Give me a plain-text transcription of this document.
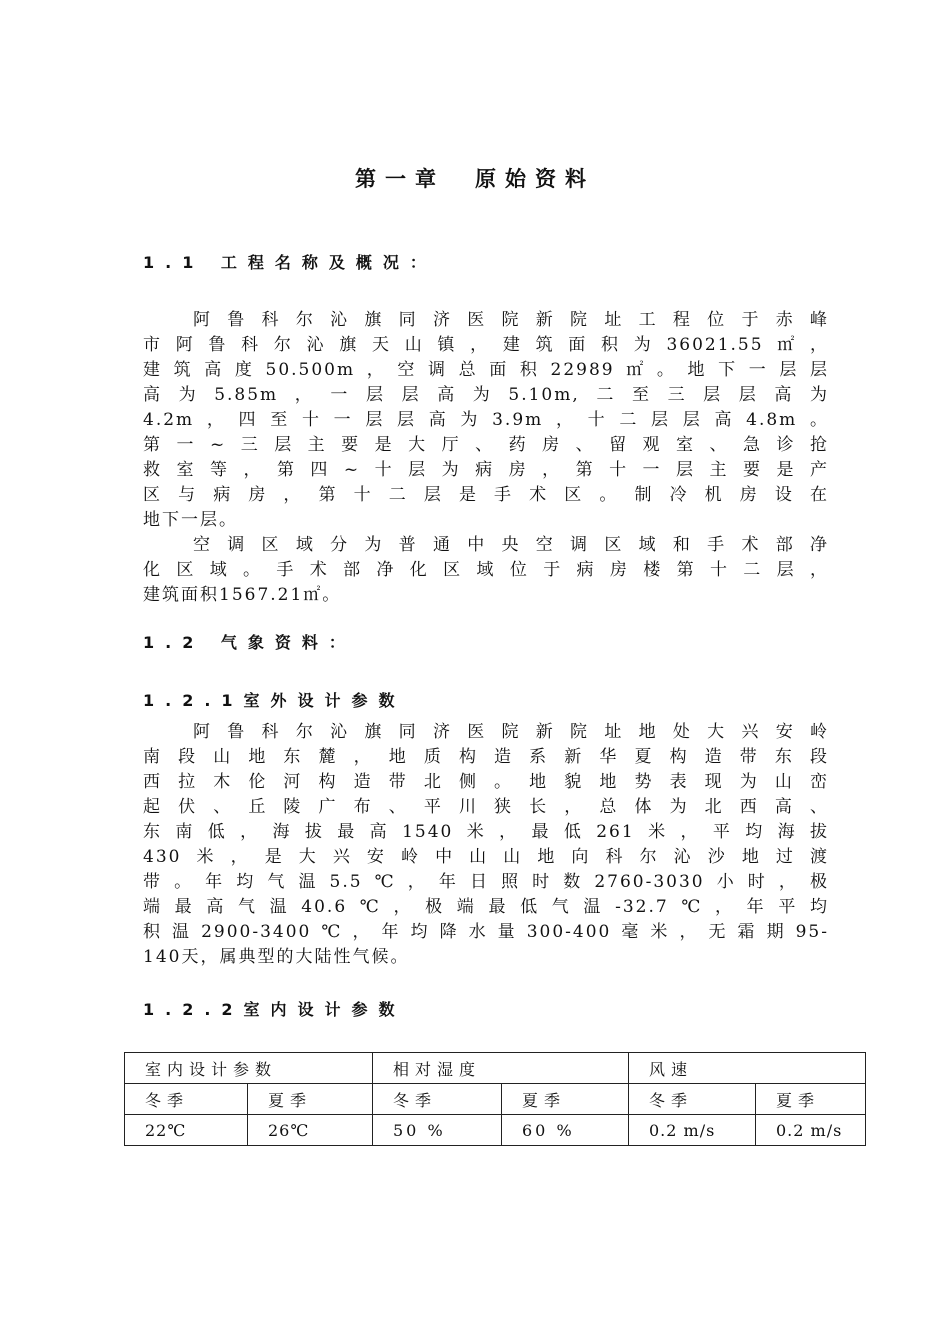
第一章　原始资料
1.1 工程名称及概况：
阿鲁科尔沁旗同济医院新院址工程位于赤峰
市阿鲁科尔沁旗天山镇，建筑面积为36021.55㎡，
建筑高度50.500m，空调总面积22989㎡。地下一层层
高为5.85m，一层层高为5.10m,二至三层层高为
4.2m，四至十一层层高为3.9m，十二层层高4.8m。
第一~三层主要是大厅、药房、留观室、急诊抢
救室等，第四~十层为病房，第十一层主要是产
区与病房，第十二层是手术区。制冷机房设在
地下一层。
空调区域分为普通中央空调区域和手术部净
化区域。手术部净化区域位于病房楼第十二层，
建筑面积1567.21㎡。
1.2 气象资料：
1.2.1室外设计参数
阿鲁科尔沁旗同济医院新院址地处大兴安岭
南段山地东麓，地质构造系新华夏构造带东段
西拉木伦河构造带北侧。地貌地势表现为山峦
起伏、丘陵广布、平川狭长，总体为北西高、
东南低，海拔最高1540米，最低261米，平均海拔
430米，是大兴安岭中山山地向科尔沁沙地过渡
带。年均气温5.5℃，年日照时数2760-3030小时，极
端最高气温40.6℃，极端最低气温-32.7℃，年平均
积温2900-3400℃，年均降水量300-400毫米，无霜期95-
140天，属典型的大陆性气候。
1.2.2室内设计参数
室内设计参数		相对湿度		风速	
冬季	夏季	冬季	夏季	冬季	夏季
22℃	26℃	50 %	60 %	0.2 m/s	0.2 m/s
